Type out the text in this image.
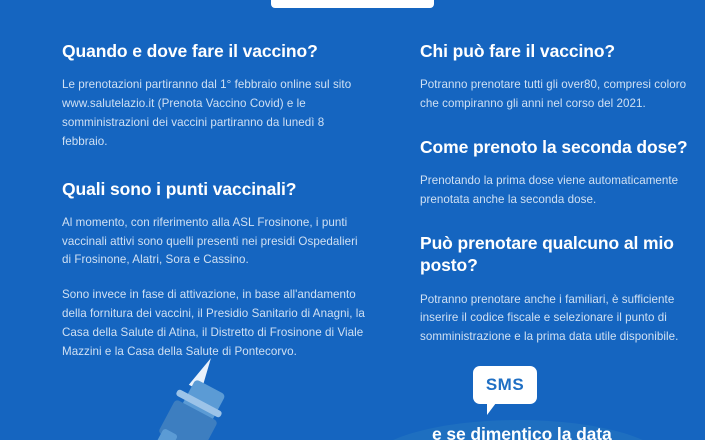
Quando e dove fare il vaccino?

Le prenotazioni partiranno dal 1° febbraio online sul sito www.salutelazio.it (Prenota Vaccino Covid) e le somministrazioni dei vaccini partiranno da lunedì 8 febbraio.

Quali sono i punti vaccinali?

Al momento, con riferimento alla ASL Frosinone, i punti vaccinali attivi sono quelli presenti nei presidi Ospedalieri di Frosinone, Alatri, Sora e Cassino.

Sono invece in fase di attivazione, in base all'andamento della fornitura dei vaccini, il Presidio Sanitario di Anagni, la Casa della Salute di Atina, il Distretto di Frosinone di Viale Mazzini e la Casa della Salute di Pontecorvo.

Chi può fare il vaccino?

Potranno prenotare tutti gli over80, compresi coloro che compiranno gli anni nel corso del 2021.

Come prenoto la seconda dose?

Prenotando la prima dose viene automaticamente prenotata anche la seconda dose.

Può prenotare qualcuno al mio posto?

Potranno prenotare anche i familiari, è sufficiente inserire il codice fiscale e selezionare il punto di somministrazione e la prima data utile disponibile.

SMS
e se dimentico la data
